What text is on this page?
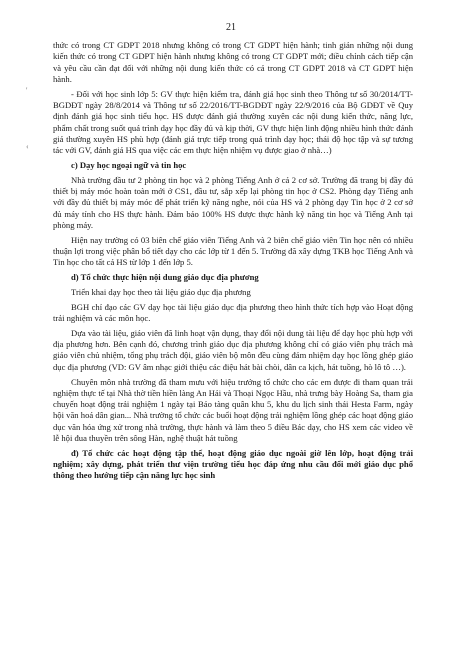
21
'
‹

thức có trong CT GDPT 2018 nhưng không có trong CT GDPT hiện hành; tinh giản những nội dung kiến thức có trong CT GDPT hiện hành nhưng không có trong CT GDPT mới; điều chỉnh cách tiếp cận và yêu cầu cần đạt đối với những nội dung kiến thức có cả trong CT GDPT 2018 và CT GDPT hiện hành.

- Đối với học sinh lớp 5: GV thực hiện kiểm tra, đánh giá học sinh theo Thông tư số 30/2014/TT-BGDĐT ngày 28/8/2014 và Thông tư số 22/2016/TT-BGDĐT ngày 22/9/2016 của Bộ GDĐT về Quy định đánh giá học sinh tiểu học. HS được đánh giá thường xuyên các nội dung kiến thức, năng lực, phẩm chất trong suốt quá trình dạy học đầy đủ và kịp thời, GV thực hiện linh động nhiều hình thức đánh giá thường xuyên HS phù hợp (đánh giá trực tiếp trong quá trình dạy học; thái độ học tập và sự tương tác với GV, đánh giá HS qua việc các em thực hiện nhiệm vụ được giao ở nhà…)

c) Dạy học ngoại ngữ và tin học

Nhà trường đầu tư 2 phòng tin học và 2 phòng Tiếng Anh ở cả 2 cơ sở. Trường đã trang bị đầy đủ thiết bị máy móc hoàn toàn mới ở CS1, đầu tư, sắp xếp lại phòng tin học ở CS2. Phòng dạy Tiếng anh với đầy đủ thiết bị máy móc để phát triển kỹ năng nghe, nói của HS và 2 phòng dạy Tin học ở 2 cơ sở đủ máy tính cho HS thực hành. Đảm bảo 100% HS được thực hành kỹ năng tin học và Tiếng Anh tại phòng máy.

Hiện nay trường có 03 biên chế giáo viên Tiếng Anh và 2 biên chế giáo viên Tin học nên có nhiều thuận lợi trong việc phân bổ tiết dạy cho các lớp từ 1 đến 5. Trường đã xây dựng TKB học Tiếng Anh và Tin học cho tất cả HS từ lớp 1 đến lớp 5.

d) Tổ chức thực hiện nội dung giáo dục địa phương

Triển khai dạy học theo tài liệu giáo dục địa phương

BGH chỉ đạo các GV dạy học tài liệu giáo dục địa phương theo hình thức tích hợp vào Hoạt động trải nghiệm và các môn học.

Dựa vào tài liệu, giáo viên đã linh hoạt vận dụng, thay đổi nội dung tài liệu để dạy học phù hợp với địa phương hơn. Bên cạnh đó, chương trình giáo dục địa phương không chỉ có giáo viên phụ trách mà giáo viên chủ nhiệm, tổng phụ trách đội, giáo viên bộ môn đều cùng đảm nhiệm dạy học lồng ghép giáo dục địa phương (VD: GV âm nhạc giới thiệu các điệu hát bài chòi, dân ca kịch, hát tuồng, hò lô tô …).

Chuyên môn nhà trường đã tham mưu với hiệu trưởng tổ chức cho các em được đi tham quan trải nghiệm thực tế tại Nhà thờ tiền hiền làng An Hải và Thoại Ngọc Hầu, nhà trưng bày Hoàng Sa, tham gia chuyến hoạt động trải nghiệm 1 ngày tại Bảo tàng quân khu 5, khu du lịch sinh thái Hesta Farm, ngày hội văn hoá dân gian... Nhà trường tổ chức các buổi hoạt động trải nghiệm lồng ghép các hoạt động giáo dục văn hóa ứng xử trong nhà trường, thực hành và làm theo 5 điều Bác dạy, cho HS xem các video về lễ hội đua thuyền trên sông Hàn, nghệ thuật hát tuồng

đ) Tổ chức các hoạt động tập thể, hoạt động giáo dục ngoài giờ lên lớp, hoạt động trải nghiệm; xây dựng, phát triển thư viện trường tiểu học đáp ứng nhu cầu đổi mới giáo dục phổ thông theo hướng tiếp cận năng lực học sinh
